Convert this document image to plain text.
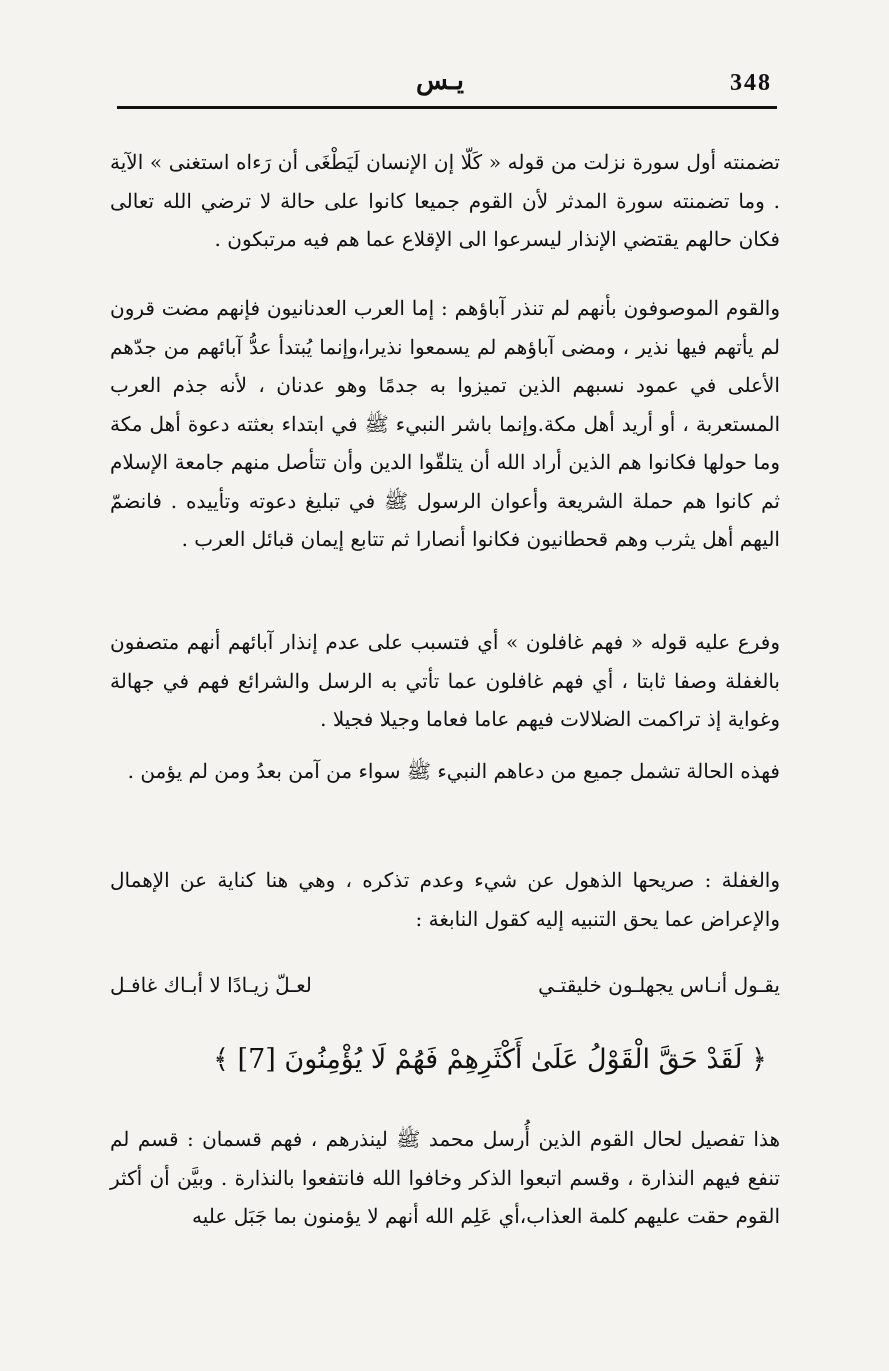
348
يـس
تضمنته أول سورة نزلت من قوله « كَلّا إن الإنسان لَيَطْغَى أن رَءاه استغنى » الآية . وما تضمنته سورة المدثر لأن القوم جميعا كانوا على حالة لا ترضي الله تعالى فكان حالهم يقتضي الإنذار ليسرعوا الى الإقلاع عما هم فيه مرتبكون .
والقوم الموصوفون بأنهم لم تنذر آباؤهم : إما العرب العدنانيون فإنهم مضت قرون لم يأتهم فيها نذير ، ومضى آباؤهم لم يسمعوا نذيرا،وإنما يُبتدأ عدُّ آبائهم من جدّهم الأعلى في عمود نسبهم الذين تميزوا به جدمًا وهو عدنان ، لأنه جذم العرب المستعربة ، أو أريد أهل مكة.وإنما باشر النبيء ﷺ في ابتداء بعثته دعوة أهل مكة وما حولها فكانوا هم الذين أراد الله أن يتلقّوا الدين وأن تتأصل منهم جامعة الإسلام ثم كانوا هم حملة الشريعة وأعوان الرسول ﷺ في تبليغ دعوته وتأييده . فانضمّ اليهم أهل يثرب وهم قحطانيون فكانوا أنصارا ثم تتابع إيمان قبائل العرب .
وفرع عليه قوله « فهم غافلون » أي فتسبب على عدم إنذار آبائهم أنهم متصفون بالغفلة وصفا ثابتا ، أي فهم غافلون عما تأتي به الرسل والشرائع فهم في جهالة وغواية إذ تراكمت الضلالات فيهم عاما فعاما وجيلا فجيلا .
فهذه الحالة تشمل جميع من دعاهم النبيء ﷺ سواء من آمن بعدُ ومن لم يؤمن .
والغفلة : صريحها الذهول عن شيء وعدم تذكره ، وهي هنا كناية عن الإهمال والإعراض عما يحق التنبيه إليه كقول النابغة :
يقـول أنـاس يجهلـون خليقتـي
لعـلّ زيـادًا لا أبـاك غافـل
﴿ لَقَدْ حَقَّ الْقَوْلُ عَلَىٰ أَكْثَرِهِمْ فَهُمْ لَا يُؤْمِنُونَ [7] ﴾
هذا تفصيل لحال القوم الذين أُرسل محمد ﷺ لينذرهم ، فهم قسمان : قسم لم تنفع فيهم النذارة ، وقسم اتبعوا الذكر وخافوا الله فانتفعوا بالنذارة . وبيَّن أن أكثر القوم حقت عليهم كلمة العذاب،أي عَلِم الله أنهم لا يؤمنون بما جَبَل عليه
